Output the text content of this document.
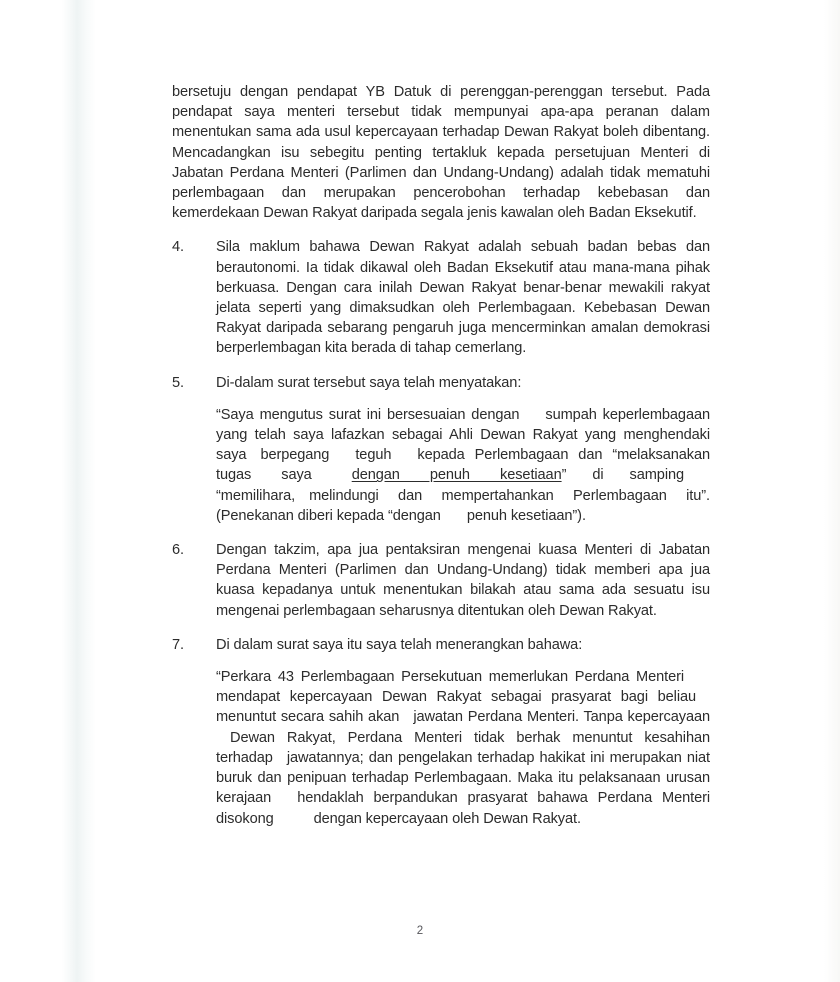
bersetuju dengan pendapat YB Datuk di perenggan-perenggan tersebut. Pada pendapat saya menteri tersebut tidak mempunyai apa-apa peranan dalam menentukan sama ada usul kepercayaan terhadap Dewan Rakyat boleh dibentang. Mencadangkan isu sebegitu penting tertakluk kepada persetujuan Menteri di Jabatan Perdana Menteri (Parlimen dan Undang-Undang) adalah tidak mematuhi perlembagaan dan merupakan pencerobohan terhadap kebebasan dan kemerdekaan Dewan Rakyat daripada segala jenis kawalan oleh Badan Eksekutif.

4.	Sila maklum bahawa Dewan Rakyat adalah sebuah badan bebas dan berautonomi. Ia tidak dikawal oleh Badan Eksekutif atau mana-mana pihak berkuasa. Dengan cara inilah Dewan Rakyat benar-benar mewakili rakyat jelata seperti yang dimaksudkan oleh Perlembagaan. Kebebasan Dewan Rakyat daripada sebarang pengaruh juga mencerminkan amalan demokrasi berperlembagan kita berada di tahap cemerlang.

5.	Di-dalam surat tersebut saya telah menyatakan:

“Saya mengutus surat ini bersesuaian dengan sumpah keperlembagaan yang telah saya lafazkan sebagai Ahli Dewan Rakyat yang menghendaki saya berpegang teguh kepada Perlembagaan dan “melaksanakan tugas saya	dengan penuh kesetiaan” di samping“memilihara, melindungi dan mempertahankan Perlembagaan itu”. (Penekanan diberi kepada “dengan penuh kesetiaan”).

6.	Dengan takzim, apa jua pentaksiran mengenai kuasa Menteri di Jabatan Perdana Menteri (Parlimen dan Undang-Undang) tidak memberi apa jua kuasa kepadanya untuk menentukan bilakah atau sama ada sesuatu isu mengenai perlembagaan seharusnya ditentukan oleh Dewan Rakyat.

7.	Di dalam surat saya itu saya telah menerangkan bahawa:

“Perkara 43 Perlembagaan Persekutuan memerlukan Perdana Menterimendapat kepercayaan Dewan Rakyat sebagai prasyarat bagi beliaumenuntut secara sahih akan jawatan Perdana Menteri. Tanpa kepercayaanDewan Rakyat, Perdana Menteri tidak berhak menuntut kesahihan terhadap jawatannya; dan pengelakan terhadap hakikat ini merupakan niat buruk dan penipuan terhadap Perlembagaan. Maka itu pelaksanaan urusan kerajaan hendaklah berpandukan prasyarat bahawa Perdana Menteri disokong	dengan kepercayaan oleh Dewan Rakyat.

2
